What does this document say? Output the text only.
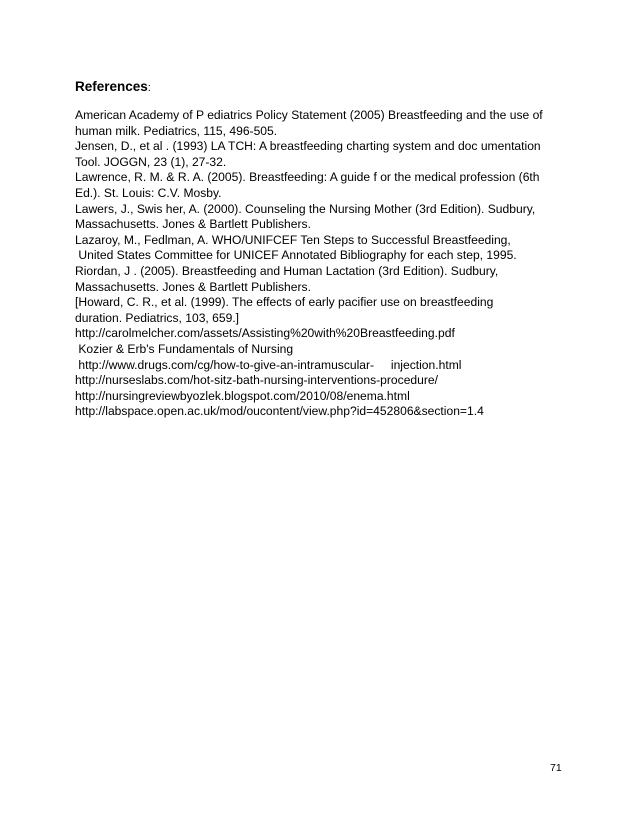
References:
American Academy of P ediatrics Policy Statement (2005) Breastfeeding and the use of
human milk. Pediatrics, 115, 496-505.
Jensen, D., et al . (1993) LA TCH: A breastfeeding charting system and doc umentation
Tool. JOGGN, 23 (1), 27-32.
Lawrence, R. M. & R. A. (2005). Breastfeeding: A guide f or the medical profession (6th
Ed.). St. Louis: C.V. Mosby.
Lawers, J., Swis her, A. (2000). Counseling the Nursing Mother (3rd Edition). Sudbury,
Massachusetts. Jones & Bartlett Publishers.
Lazaroy, M., Fedlman, A. WHO/UNIFCEF Ten Steps to Successful Breastfeeding,
United States Committee for UNICEF Annotated Bibliography for each step, 1995.
Riordan, J . (2005). Breastfeeding and Human Lactation (3rd Edition). Sudbury,
Massachusetts. Jones & Bartlett Publishers.
[Howard, C. R., et al. (1999). The effects of early pacifier use on breastfeeding
duration. Pediatrics, 103, 659.]
http://carolmelcher.com/assets/Assisting%20with%20Breastfeeding.pdf
Kozier & Erb's Fundamentals of Nursing
http://www.drugs.com/cg/how-to-give-an-intramuscular-     injection.html
http://nurseslabs.com/hot-sitz-bath-nursing-interventions-procedure/
http://nursingreviewbyozlek.blogspot.com/2010/08/enema.html
http://labspace.open.ac.uk/mod/oucontent/view.php?id=452806&section=1.4
71
